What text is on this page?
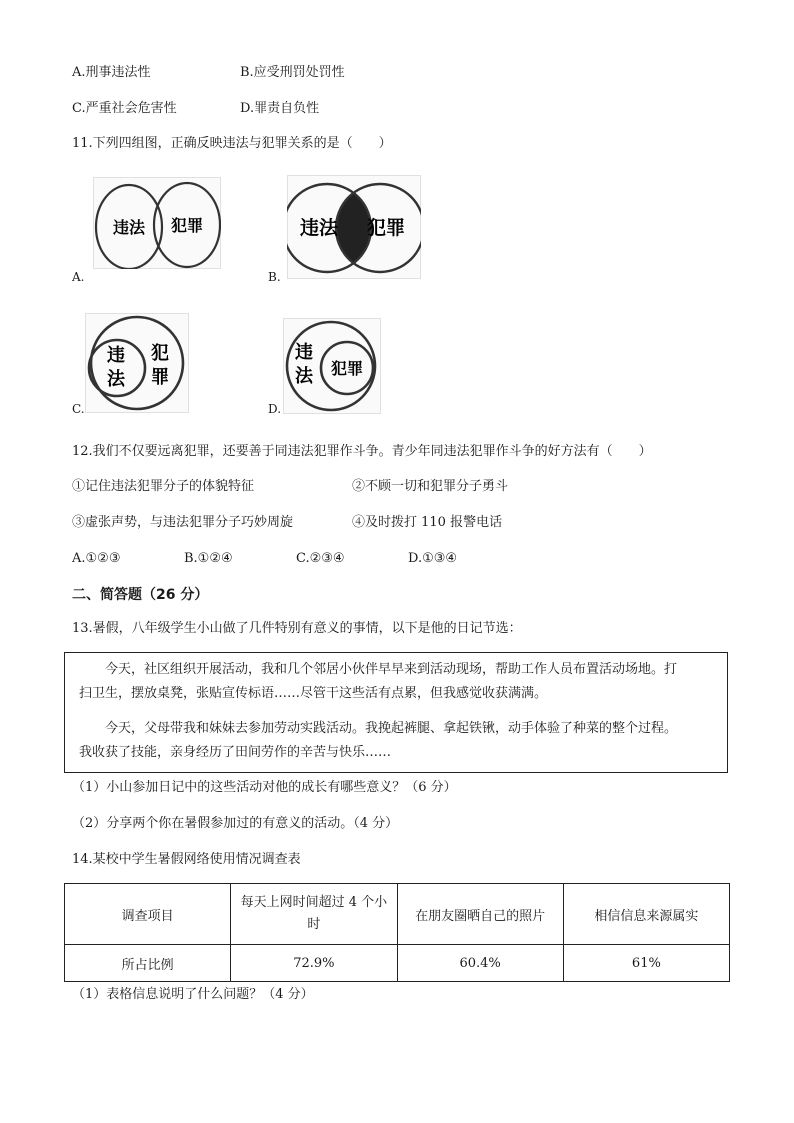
A.刑事违法性	B.应受刑罚处罚性
C.严重社会危害性	D.罪责自负性
11.下列四组图，正确反映违法与犯罪关系的是（　　）
违法 犯罪
A.
违法 犯罪
B.
违
法
犯
罪
C.
违
法 犯罪
D.
12.我们不仅要远离犯罪，还要善于同违法犯罪作斗争。青少年同违法犯罪作斗争的好方法有（　　）
①记住违法犯罪分子的体貌特征	②不顾一切和犯罪分子勇斗
③虚张声势，与违法犯罪分子巧妙周旋	④及时拨打 110 报警电话
A.①②③	B.①②④	C.②③④	D.①③④
二、简答题（26 分）
13.暑假，八年级学生小山做了几件特别有意义的事情，以下是他的日记节选：
今天，社区组织开展活动，我和几个邻居小伙伴早早来到活动现场，帮助工作人员布置活动场地。打
扫卫生，摆放桌凳，张贴宣传标语……尽管干这些活有点累，但我感觉收获满满。
今天，父母带我和妹妹去参加劳动实践活动。我挽起裤腿、拿起铁锹，动手体验了种菜的整个过程。
我收获了技能，亲身经历了田间劳作的辛苦与快乐……
（1）小山参加日记中的这些活动对他的成长有哪些意义？（6 分）
（2）分享两个你在暑假参加过的有意义的活动。（4 分）
14.某校中学生暑假网络使用情况调查表
调查项目	每天上网时间超过 4 个小时	在朋友圈晒自己的照片	相信信息来源属实
所占比例	72.9%	60.4%	61%
（1）表格信息说明了什么问题？（4 分）
